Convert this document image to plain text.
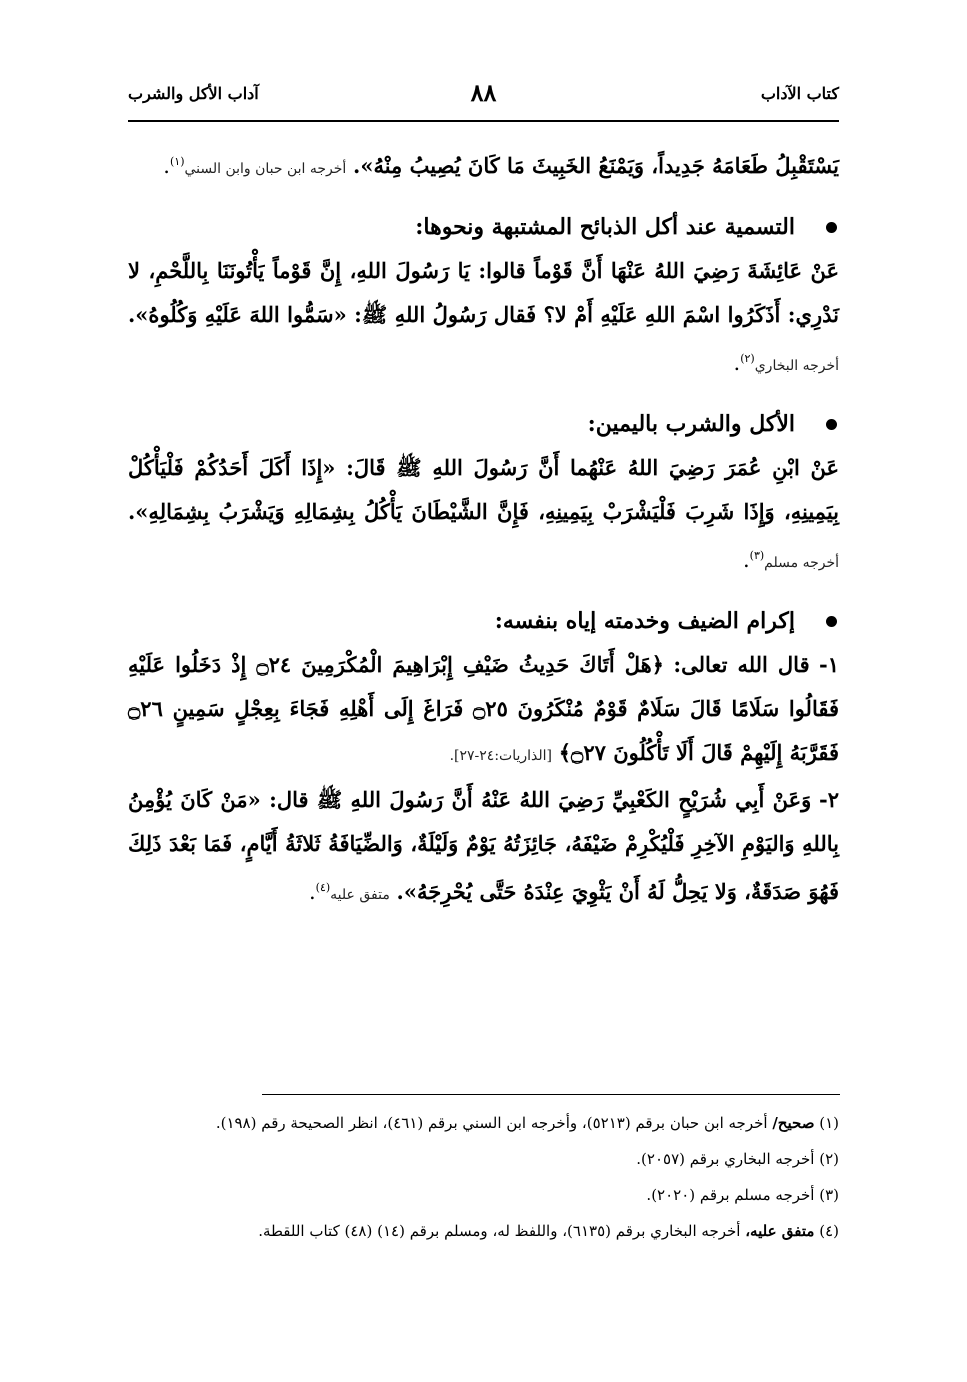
كتاب الآداب
٨٨
آداب الأكل والشرب

يَسْتَقْبِلُ طَعَامَهُ جَدِيداً، وَيَمْنَعُ الخَبِيثَ مَا كَانَ يُصِيبُ مِنْهُ». أخرجه ابن حبان وابن السني$^{(١)}$.

التسمية عند أكل الذبائح المشتبهة ونحوها:

عَنْ عَائِشَةَ رَضِيَ اللهُ عَنْهَا أَنَّ قَوْماً قالوا: يَا رَسُولَ اللهِ، إِنَّ قَوْماً يَأْتُونَنَا بِاللَّحْمِ، لا نَدْرِي: أَذَكَرُوا اسْمَ اللهِ عَلَيْهِ أَمْ لا؟ فَقال رَسُولُ اللهِ ﷺ: «سَمُّوا اللهَ عَلَيْهِ وَكُلُوهُ». أخرجه البخاري$^{(٢)}$.

الأكل والشرب باليمين:

عَنْ ابْنِ عُمَرَ رَضِيَ اللهُ عَنْهُما أَنَّ رَسُولَ اللهِ ﷺ قَالَ: «إِذَا أَكَلَ أَحَدُكُمْ فَلْيَأْكُلْ بِيَمِينِهِ، وَإِذَا شَرِبَ فَلْيَشْرَبْ بِيَمِينِهِ، فَإِنَّ الشَّيْطَانَ يَأْكُلُ بِشِمَالِهِ وَيَشْرَبُ بِشِمَالِهِ». أخرجه مسلم$^{(٣)}$.

إكرام الضيف وخدمته إياه بنفسه:

١- قال الله تعالى: ﴿هَلْ أَتَاكَ حَدِيثُ ضَيْفِ إِبْرَاهِيمَ الْمُكْرَمِينَ ۝٢٤ إِذْ دَخَلُوا عَلَيْهِ فَقَالُوا سَلَامًا قَالَ سَلَامٌ قَوْمٌ مُنْكَرُونَ ۝٢٥ فَرَاغَ إِلَى أَهْلِهِ فَجَاءَ بِعِجْلٍ سَمِينٍ ۝٢٦ فَقَرَّبَهُ إِلَيْهِمْ قَالَ أَلَا تَأْكُلُونَ ۝٢٧﴾ [الذاريات:٢٤-٢٧].

٢- وَعَنْ أَبِي شُرَيْحٍ الكَعْبِيِّ رَضِيَ اللهُ عَنْهُ أَنَّ رَسُولَ اللهِ ﷺ قال: «مَنْ كَانَ يُؤْمِنُ بِاللهِ وَاليَوْمِ الآخِرِ فَلْيُكْرِمْ ضَيْفَهُ، جَائِزَتُهُ يَوْمٌ وَلَيْلَةٌ، وَالضِّيَافَةُ ثَلاثَةُ أَيَّامٍ، فَمَا بَعْدَ ذَلِكَ فَهُوَ صَدَقَةٌ، وَلا يَحِلُّ لَهُ أَنْ يَثْوِيَ عِنْدَهُ حَتَّى يُحْرِجَهُ». متفق عليه$^{(٤)}$.

(١) صحيح/ أخرجه ابن حبان برقم (٥٢١٣)، وأخرجه ابن السني برقم (٤٦١)، انظر الصحيحة رقم (١٩٨).

(٢) أخرجه البخاري برقم (٢٠٥٧).

(٣) أخرجه مسلم برقم (٢٠٢٠).

(٤) متفق عليه، أخرجه البخاري برقم (٦١٣٥)، واللفظ له، ومسلم برقم (١٤) (٤٨) كتاب اللقطة.
